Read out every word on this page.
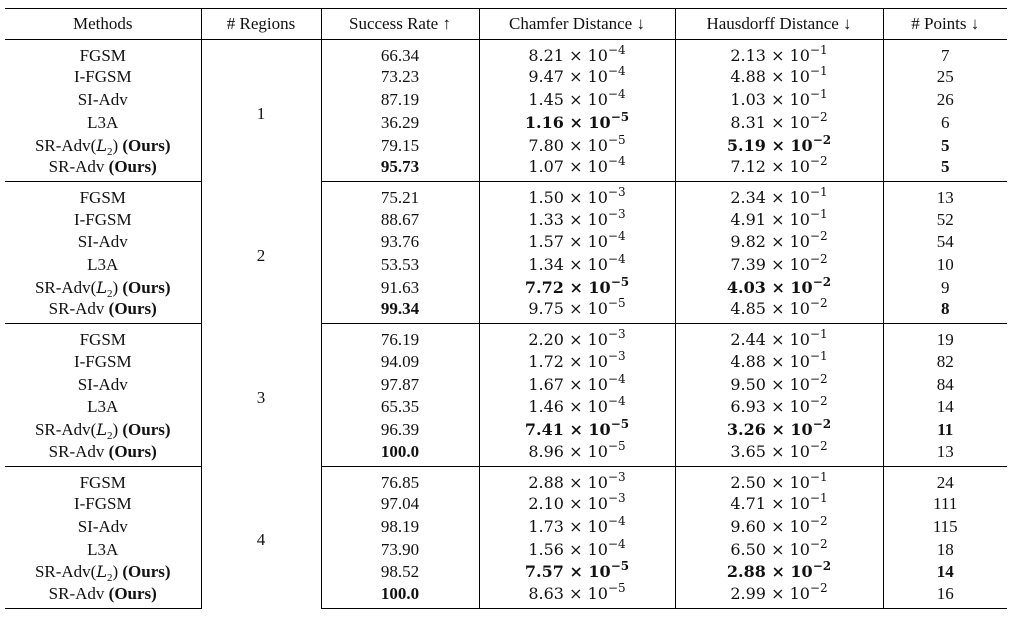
Methods	# Regions	Success Rate ↑	Chamfer Distance ↓	Hausdorff Distance ↓	# Points ↓
FGSM	1	66.34	$8.21 \times 10^{-4}$	$2.13 \times 10^{-1}$	7
I-FGSM		73.23	$9.47 \times 10^{-4}$	$4.88 \times 10^{-1}$	25
SI-Adv		87.19	$1.45 \times 10^{-4}$	$1.03 \times 10^{-1}$	26
L3A		36.29	$1.16 \times 10^{-5}$	$8.31 \times 10^{-2}$	6
$SR-Adv(L_2)$ (Ours)		79.15	$7.80 \times 10^{-5}$	$5.19 \times 10^{-2}$	5
SR-Adv (Ours)		95.73	$1.07 \times 10^{-4}$	$7.12 \times 10^{-2}$	5
FGSM	2	75.21	$1.50 \times 10^{-3}$	$2.34 \times 10^{-1}$	13
I-FGSM		88.67	$1.33 \times 10^{-3}$	$4.91 \times 10^{-1}$	52
SI-Adv		93.76	$1.57 \times 10^{-4}$	$9.82 \times 10^{-2}$	54
L3A		53.53	$1.34 \times 10^{-4}$	$7.39 \times 10^{-2}$	10
$SR-Adv(L_2)$ (Ours)		91.63	$7.72 \times 10^{-5}$	$4.03 \times 10^{-2}$	9
SR-Adv (Ours)		99.34	$9.75 \times 10^{-5}$	$4.85 \times 10^{-2}$	8
FGSM	3	76.19	$2.20 \times 10^{-3}$	$2.44 \times 10^{-1}$	19
I-FGSM		94.09	$1.72 \times 10^{-3}$	$4.88 \times 10^{-1}$	82
SI-Adv		97.87	$1.67 \times 10^{-4}$	$9.50 \times 10^{-2}$	84
L3A		65.35	$1.46 \times 10^{-4}$	$6.93 \times 10^{-2}$	14
$SR-Adv(L_2)$ (Ours)		96.39	$7.41 \times 10^{-5}$	$3.26 \times 10^{-2}$	11
SR-Adv (Ours)		100.0	$8.96 \times 10^{-5}$	$3.65 \times 10^{-2}$	13
FGSM	4	76.85	$2.88 \times 10^{-3}$	$2.50 \times 10^{-1}$	24
I-FGSM		97.04	$2.10 \times 10^{-3}$	$4.71 \times 10^{-1}$	111
SI-Adv		98.19	$1.73 \times 10^{-4}$	$9.60 \times 10^{-2}$	115
L3A		73.90	$1.56 \times 10^{-4}$	$6.50 \times 10^{-2}$	18
$SR-Adv(L_2)$ (Ours)		98.52	$7.57 \times 10^{-5}$	$2.88 \times 10^{-2}$	14
SR-Adv (Ours)		100.0	$8.63 \times 10^{-5}$	$2.99 \times 10^{-2}$	16
